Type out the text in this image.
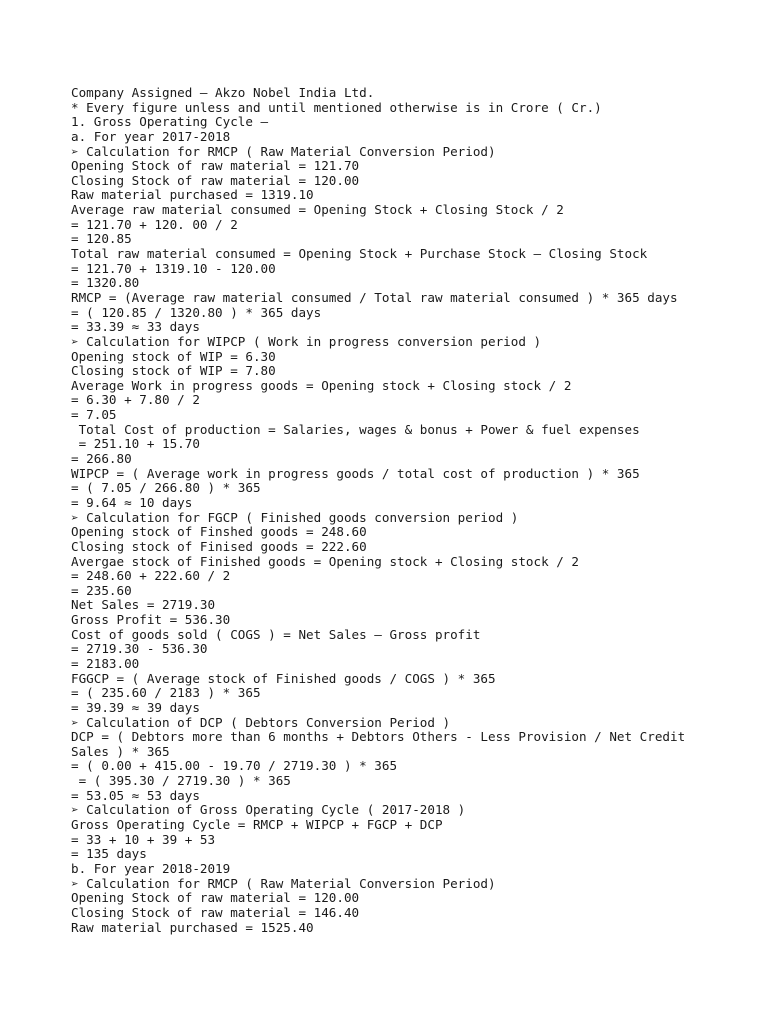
Company Assigned – Akzo Nobel India Ltd.
* Every figure unless and until mentioned otherwise is in Crore ( Cr.)
1. Gross Operating Cycle –
a. For year 2017-2018
➢ Calculation for RMCP ( Raw Material Conversion Period)
Opening Stock of raw material = 121.70
Closing Stock of raw material = 120.00
Raw material purchased = 1319.10
Average raw material consumed = Opening Stock + Closing Stock / 2
= 121.70 + 120. 00 / 2
= 120.85
Total raw material consumed = Opening Stock + Purchase Stock – Closing Stock
= 121.70 + 1319.10 - 120.00
= 1320.80
RMCP = (Average raw material consumed / Total raw material consumed ) * 365 days
= ( 120.85 / 1320.80 ) * 365 days
= 33.39 ≈ 33 days
➢ Calculation for WIPCP ( Work in progress conversion period )
Opening stock of WIP = 6.30
Closing stock of WIP = 7.80
Average Work in progress goods = Opening stock + Closing stock / 2
= 6.30 + 7.80 / 2
= 7.05
Total Cost of production = Salaries, wages & bonus + Power & fuel expenses
= 251.10 + 15.70
= 266.80
WIPCP = ( Average work in progress goods / total cost of production ) * 365
= ( 7.05 / 266.80 ) * 365
= 9.64 ≈ 10 days
➢ Calculation for FGCP ( Finished goods conversion period )
Opening stock of Finshed goods = 248.60
Closing stock of Finised goods = 222.60
Avergae stock of Finished goods = Opening stock + Closing stock / 2
= 248.60 + 222.60 / 2
= 235.60
Net Sales = 2719.30
Gross Profit = 536.30
Cost of goods sold ( COGS ) = Net Sales – Gross profit
= 2719.30 - 536.30
= 2183.00
FGGCP = ( Average stock of Finished goods / COGS ) * 365
= ( 235.60 / 2183 ) * 365
= 39.39 ≈ 39 days
➢ Calculation of DCP ( Debtors Conversion Period )
DCP = ( Debtors more than 6 months + Debtors Others - Less Provision / Net Credit
Sales ) * 365
= ( 0.00 + 415.00 - 19.70 / 2719.30 ) * 365
= ( 395.30 / 2719.30 ) * 365
= 53.05 ≈ 53 days
➢ Calculation of Gross Operating Cycle ( 2017-2018 )
Gross Operating Cycle = RMCP + WIPCP + FGCP + DCP
= 33 + 10 + 39 + 53
= 135 days
b. For year 2018-2019
➢ Calculation for RMCP ( Raw Material Conversion Period)
Opening Stock of raw material = 120.00
Closing Stock of raw material = 146.40
Raw material purchased = 1525.40
